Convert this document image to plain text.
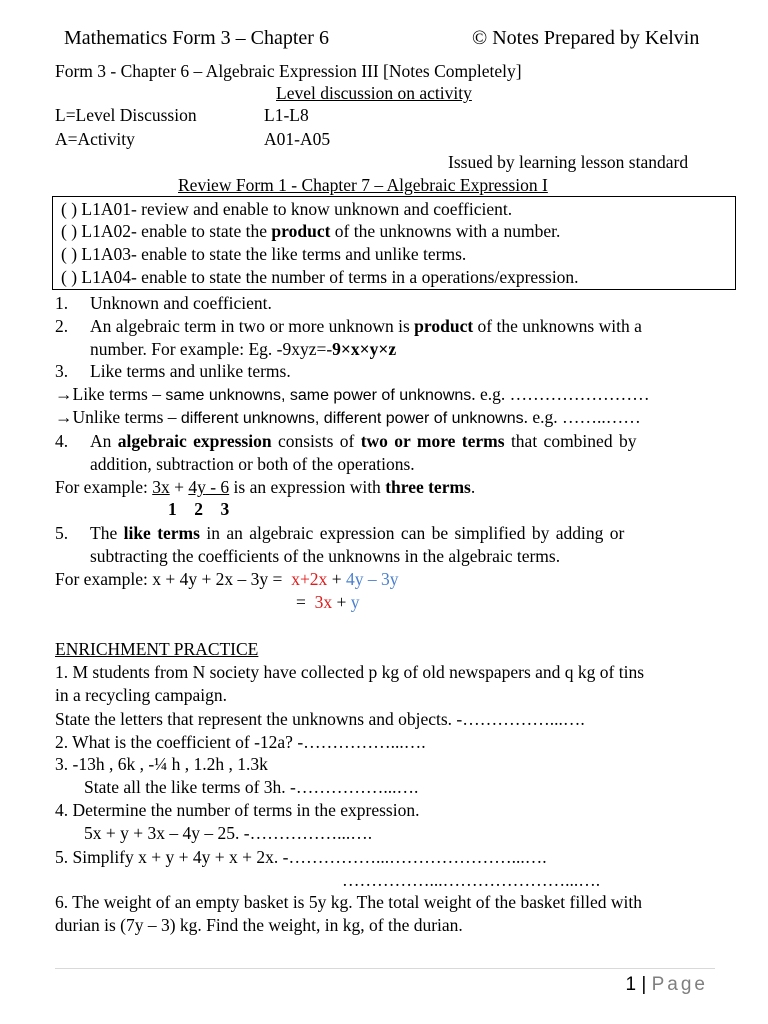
Mathematics Form 3 – Chapter 6	© Notes Prepared by Kelvin
Form 3 - Chapter 6 – Algebraic Expression III [Notes Completely]
Level discussion on activity
L=Level Discussion	L1-L8
A=Activity	A01-A05
Issued by learning lesson standard
Review Form 1 - Chapter 7 – Algebraic Expression I
( ) L1A01- review and enable to know unknown and coefficient.
( ) L1A02- enable to state the product of the unknowns with a number.
( ) L1A03- enable to state the like terms and unlike terms.
( ) L1A04- enable to state the number of terms in a operations/expression.
1. Unknown and coefficient.
2. An algebraic term in two or more unknown is product of the unknowns with a
number. For example: Eg. -9xyz=-9×x×y×z
3. Like terms and unlike terms.
→Like terms – same unknowns, same power of unknowns. e.g. ……………………
→Unlike terms – different unknowns, different power of unknowns. e.g. ……..……
4. An algebraic expression consists of two or more terms that combined by
addition, subtraction or both of the operations.
For example: 3x + 4y - 6 is an expression with three terms.
1    2    3
5. The like terms in an algebraic expression can be simplified by adding or
subtracting the coefficients of the unknowns in the algebraic terms.
For example: x + 4y + 2x – 3y =  x+2x + 4y – 3y
=  3x + y
ENRICHMENT PRACTICE
1. M students from N society have collected p kg of old newspapers and q kg of tins
in a recycling campaign.
State the letters that represent the unknowns and objects. -……………...….
2. What is the coefficient of -12a? -……………...….
3. -13h , 6k , -¼ h , 1.2h , 1.3k
State all the like terms of 3h. -……………...….
4. Determine the number of terms in the expression.
5x + y + 3x – 4y – 25. -……………...….
5. Simplify x + y + 4y + x + 2x. -……………...…………………...….
……………...…………………...….
6. The weight of an empty basket is 5y kg. The total weight of the basket filled with
durian is (7y – 3) kg. Find the weight, in kg, of the durian.
1 | Page
